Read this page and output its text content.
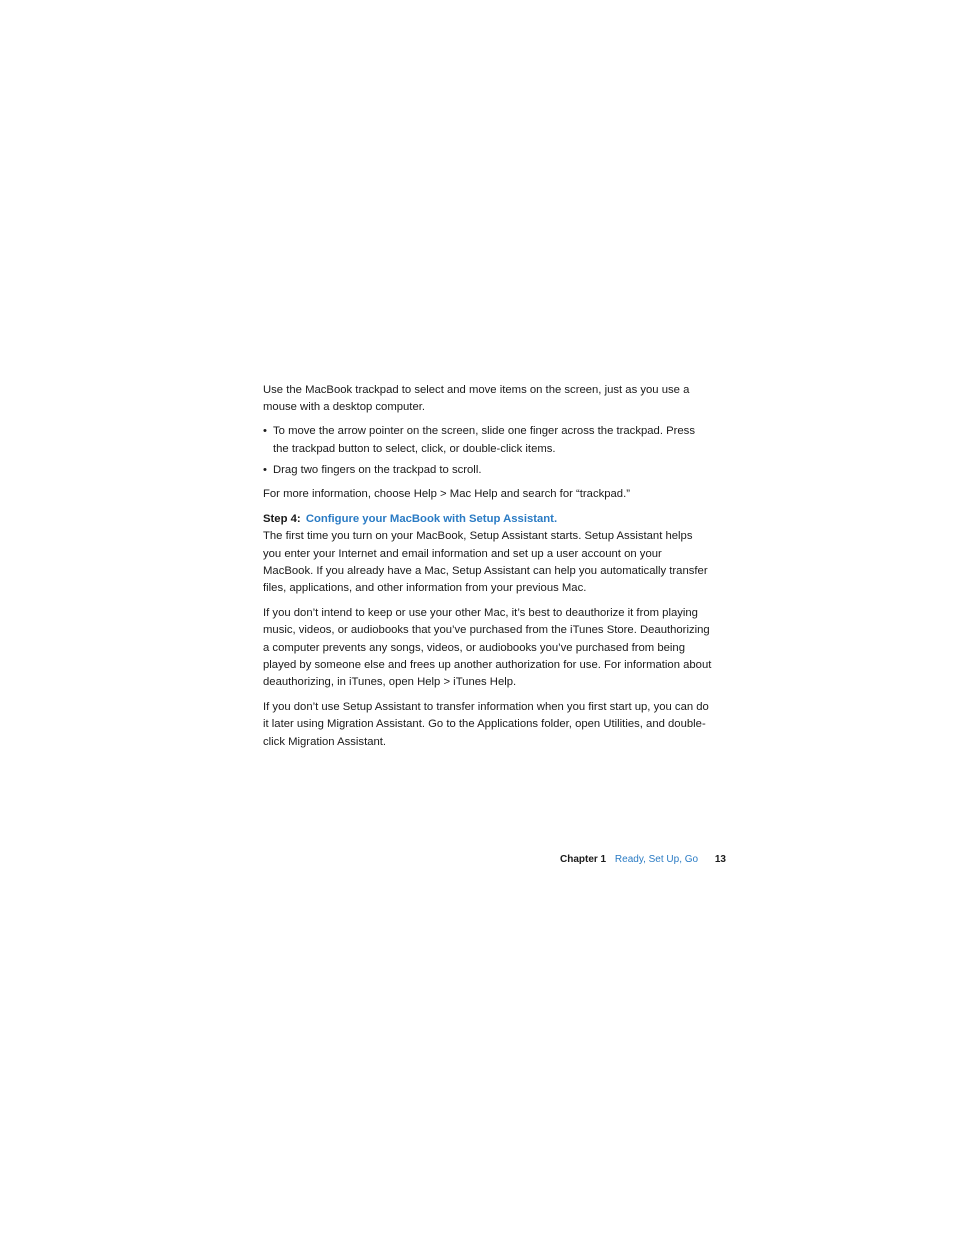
Use the MacBook trackpad to select and move items on the screen, just as you use a mouse with a desktop computer.

• To move the arrow pointer on the screen, slide one finger across the trackpad. Press the trackpad button to select, click, or double-click items.
• Drag two fingers on the trackpad to scroll.

For more information, choose Help > Mac Help and search for “trackpad.”

Step 4: Configure your MacBook with Setup Assistant.

The first time you turn on your MacBook, Setup Assistant starts. Setup Assistant helps you enter your Internet and email information and set up a user account on your MacBook. If you already have a Mac, Setup Assistant can help you automatically transfer files, applications, and other information from your previous Mac.

If you don’t intend to keep or use your other Mac, it’s best to deauthorize it from playing music, videos, or audiobooks that you’ve purchased from the iTunes Store. Deauthorizing a computer prevents any songs, videos, or audiobooks you’ve purchased from being played by someone else and frees up another authorization for use. For information about deauthorizing, in iTunes, open Help > iTunes Help.

If you don’t use Setup Assistant to transfer information when you first start up, you can do it later using Migration Assistant. Go to the Applications folder, open Utilities, and double-click Migration Assistant.

Chapter 1 Ready, Set Up, Go 13
